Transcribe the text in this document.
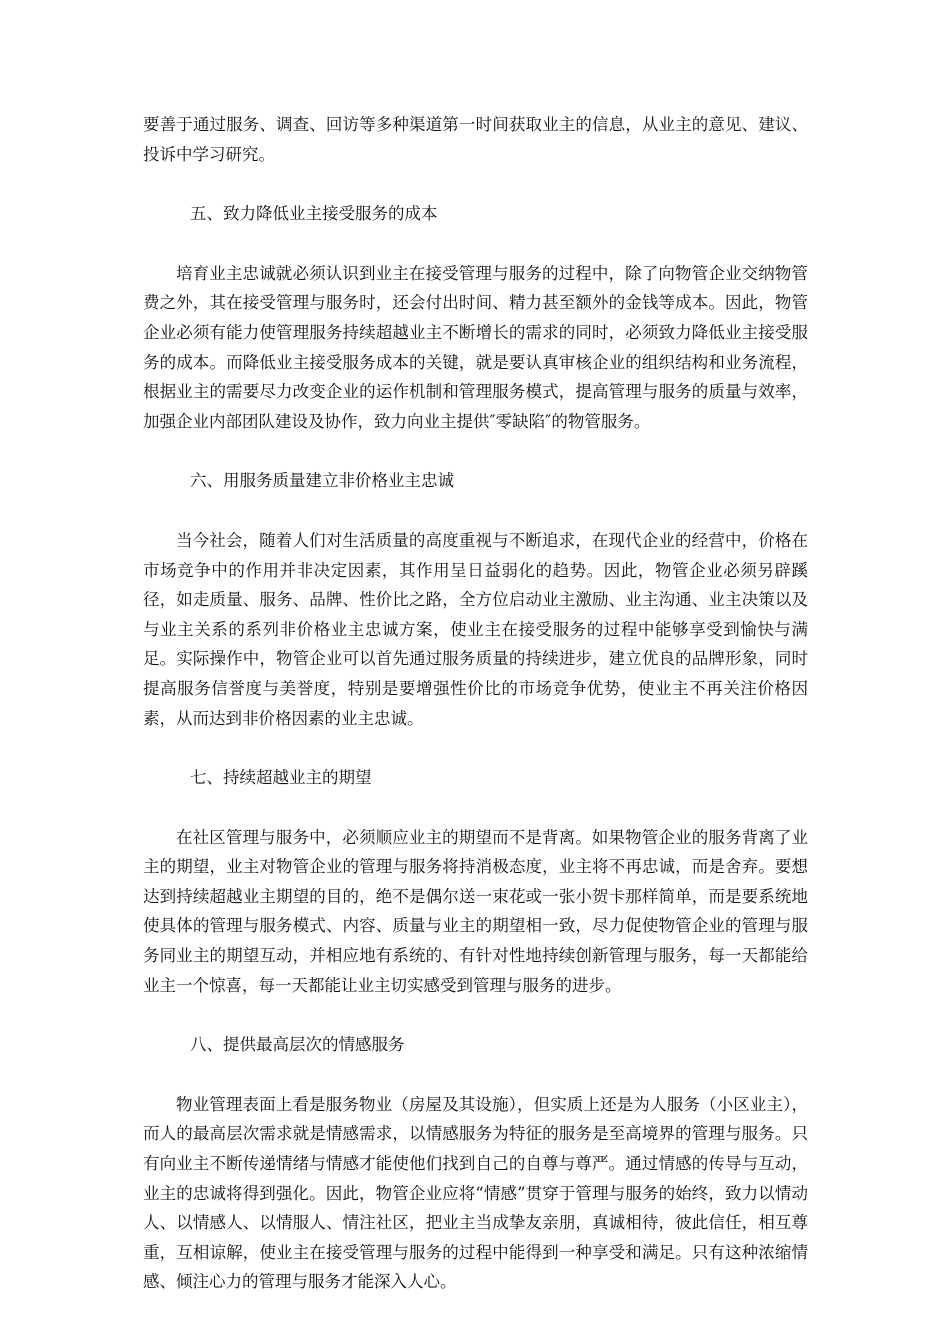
要善于通过服务、调查、回访等多种渠道第一时间获取业主的信息，从业主的意见、建议、投诉中学习研究。

五、致力降低业主接受服务的成本

培育业主忠诚就必须认识到业主在接受管理与服务的过程中，除了向物管企业交纳物管费之外，其在接受管理与服务时，还会付出时间、精力甚至额外的金钱等成本。因此，物管企业必须有能力使管理服务持续超越业主不断增长的需求的同时，必须致力降低业主接受服务的成本。而降低业主接受服务成本的关键，就是要认真审核企业的组织结构和业务流程，根据业主的需要尽力改变企业的运作机制和管理服务模式，提高管理与服务的质量与效率，加强企业内部团队建设及协作，致力向业主提供″零缺陷″的物管服务。

六、用服务质量建立非价格业主忠诚

当今社会，随着人们对生活质量的高度重视与不断追求，在现代企业的经营中，价格在市场竞争中的作用并非决定因素，其作用呈日益弱化的趋势。因此，物管企业必须另辟蹊径，如走质量、服务、品牌、性价比之路，全方位启动业主激励、业主沟通、业主决策以及与业主关系的系列非价格业主忠诚方案，使业主在接受服务的过程中能够享受到愉快与满足。实际操作中，物管企业可以首先通过服务质量的持续进步，建立优良的品牌形象，同时提高服务信誉度与美誉度，特别是要增强性价比的市场竞争优势，使业主不再关注价格因素，从而达到非价格因素的业主忠诚。

七、持续超越业主的期望

在社区管理与服务中，必须顺应业主的期望而不是背离。如果物管企业的服务背离了业主的期望，业主对物管企业的管理与服务将持消极态度，业主将不再忠诚，而是舍弃。要想达到持续超越业主期望的目的，绝不是偶尔送一束花或一张小贺卡那样简单，而是要系统地使具体的管理与服务模式、内容、质量与业主的期望相一致，尽力促使物管企业的管理与服务同业主的期望互动，并相应地有系统的、有针对性地持续创新管理与服务，每一天都能给业主一个惊喜，每一天都能让业主切实感受到管理与服务的进步。

八、提供最高层次的情感服务

物业管理表面上看是服务物业（房屋及其设施），但实质上还是为人服务（小区业主），而人的最高层次需求就是情感需求，以情感服务为特征的服务是至高境界的管理与服务。只有向业主不断传递情绪与情感才能使他们找到自己的自尊与尊严。通过情感的传导与互动，业主的忠诚将得到强化。因此，物管企业应将“情感”贯穿于管理与服务的始终，致力以情动人、以情感人、以情服人、情注社区，把业主当成挚友亲朋，真诚相待，彼此信任，相互尊重，互相谅解，使业主在接受管理与服务的过程中能得到一种享受和满足。只有这种浓缩情感、倾注心力的管理与服务才能深入人心。
